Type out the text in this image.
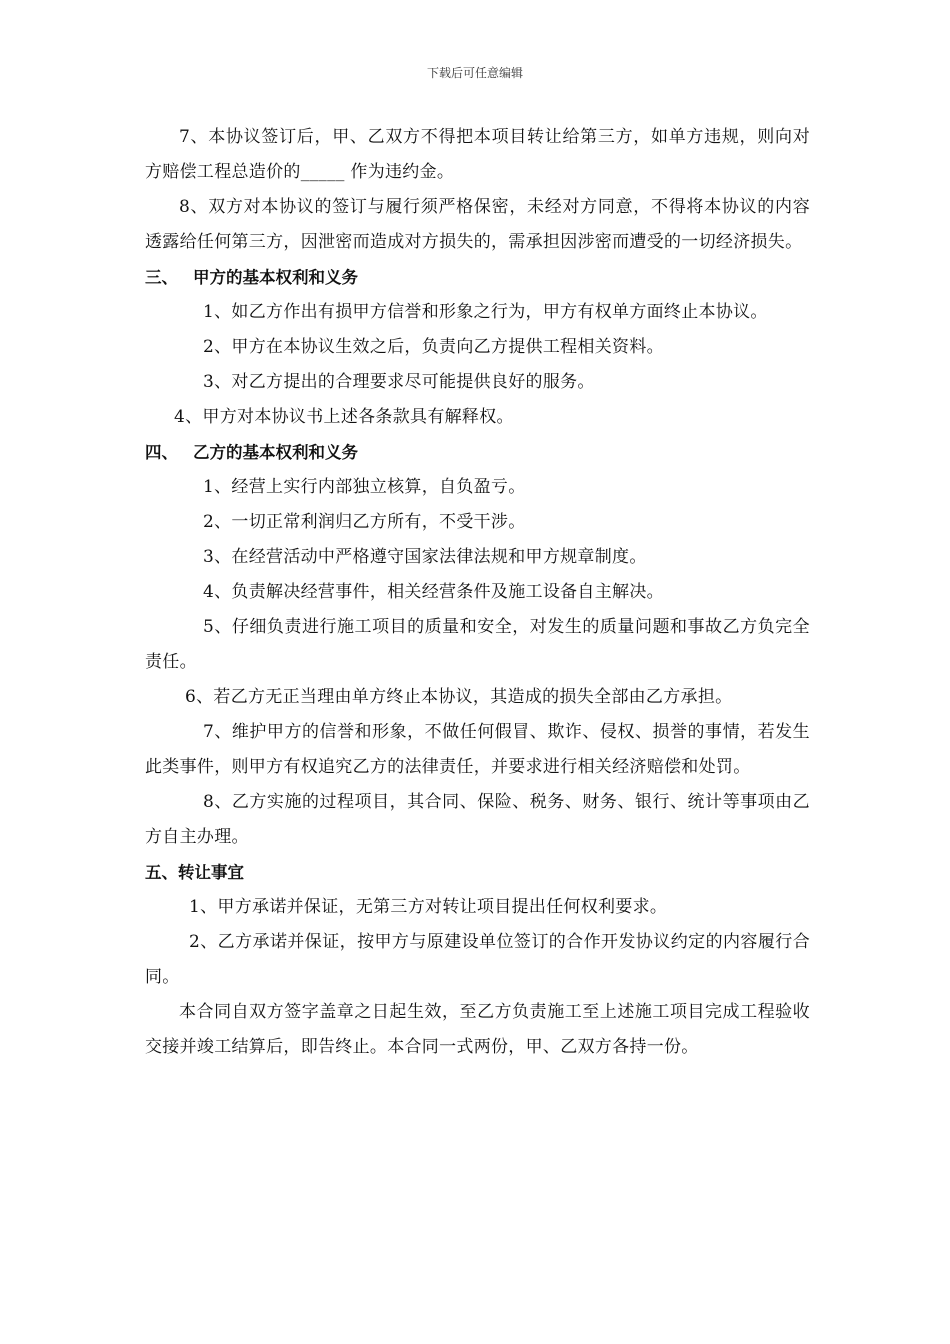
下载后可任意编辑

7、本协议签订后，甲、乙双方不得把本项目转让给第三方，如单方违规，则向对方赔偿工程总造价的_____ 作为违约金。

8、双方对本协议的签订与履行须严格保密，未经对方同意，不得将本协议的内容透露给任何第三方，因泄密而造成对方损失的，需承担因涉密而遭受的一切经济损失。

三、 甲方的基本权利和义务

1、如乙方作出有损甲方信誉和形象之行为，甲方有权单方面终止本协议。

2、甲方在本协议生效之后，负责向乙方提供工程相关资料。

3、对乙方提出的合理要求尽可能提供良好的服务。

4、甲方对本协议书上述各条款具有解释权。

四、 乙方的基本权利和义务

1、经营上实行内部独立核算，自负盈亏。

2、一切正常利润归乙方所有，不受干涉。

3、在经营活动中严格遵守国家法律法规和甲方规章制度。

4、负责解决经营事件，相关经营条件及施工设备自主解决。

5、仔细负责进行施工项目的质量和安全，对发生的质量问题和事故乙方负完全责任。

6、若乙方无正当理由单方终止本协议，其造成的损失全部由乙方承担。

7、维护甲方的信誉和形象，不做任何假冒、欺诈、侵权、损誉的事情，若发生此类事件，则甲方有权追究乙方的法律责任，并要求进行相关经济赔偿和处罚。

8、乙方实施的过程项目，其合同、保险、税务、财务、银行、统计等事项由乙方自主办理。

五、转让事宜

1、甲方承诺并保证，无第三方对转让项目提出任何权利要求。

2、乙方承诺并保证，按甲方与原建设单位签订的合作开发协议约定的内容履行合同。

本合同自双方签字盖章之日起生效，至乙方负责施工至上述施工项目完成工程验收交接并竣工结算后，即告终止。本合同一式两份，甲、乙双方各持一份。
